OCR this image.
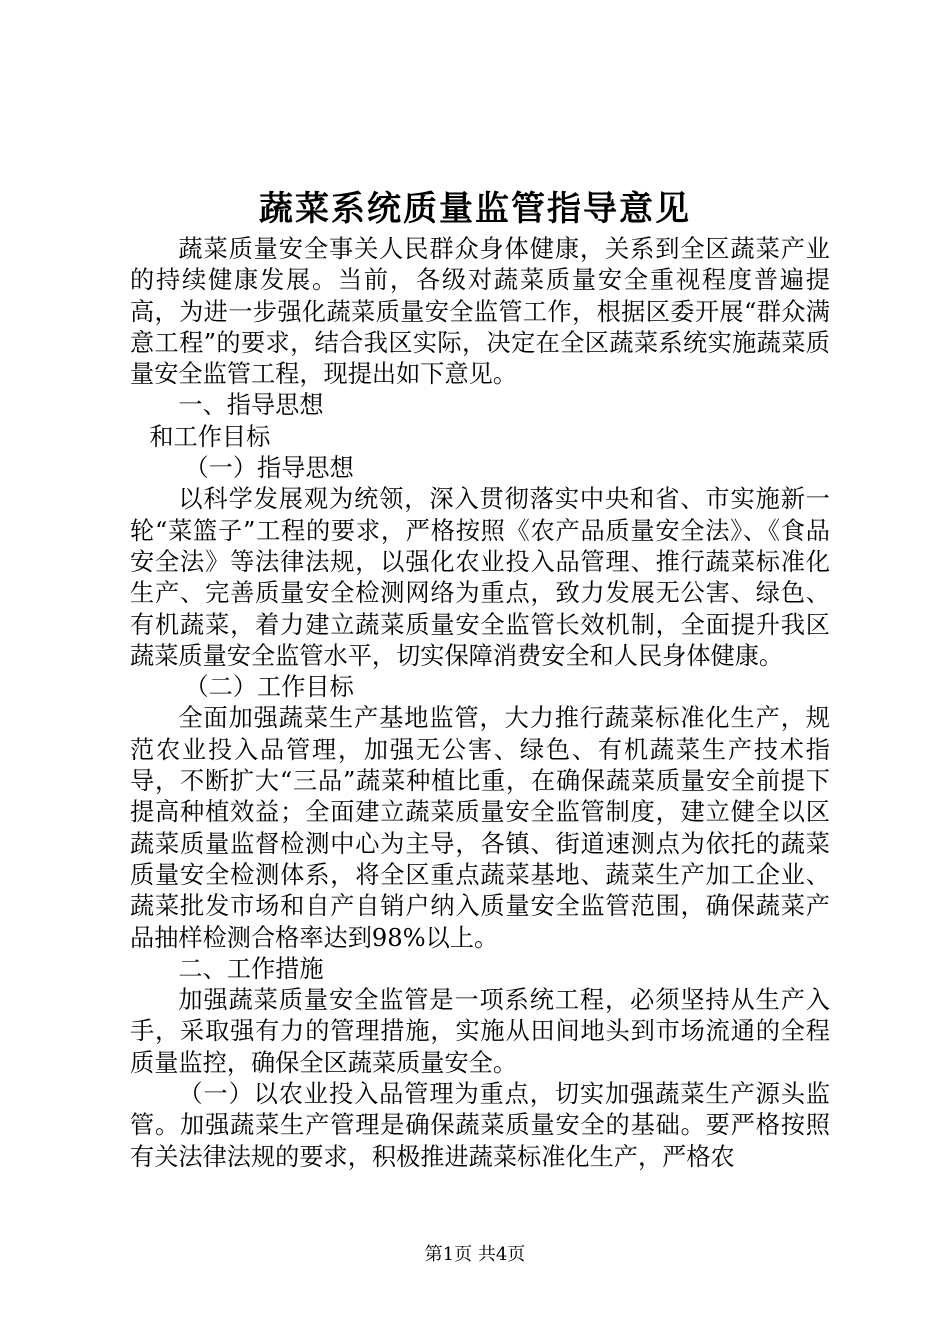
蔬菜系统质量监管指导意见

蔬菜质量安全事关人民群众身体健康，关系到全区蔬菜产业的持续健康发展。当前，各级对蔬菜质量安全重视程度普遍提高，为进一步强化蔬菜质量安全监管工作，根据区委开展“群众满意工程”的要求，结合我区实际，决定在全区蔬菜系统实施蔬菜质量安全监管工程，现提出如下意见。

一、指导思想

和工作目标

（一）指导思想

以科学发展观为统领，深入贯彻落实中央和省、市实施新一轮“菜篮子”工程的要求，严格按照《农产品质量安全法》、《食品安全法》等法律法规，以强化农业投入品管理、推行蔬菜标准化生产、完善质量安全检测网络为重点，致力发展无公害、绿色、有机蔬菜，着力建立蔬菜质量安全监管长效机制，全面提升我区蔬菜质量安全监管水平，切实保障消费安全和人民身体健康。

（二）工作目标

全面加强蔬菜生产基地监管，大力推行蔬菜标准化生产，规范农业投入品管理，加强无公害、绿色、有机蔬菜生产技术指导，不断扩大“三品”蔬菜种植比重，在确保蔬菜质量安全前提下提高种植效益；全面建立蔬菜质量安全监管制度，建立健全以区蔬菜质量监督检测中心为主导，各镇、街道速测点为依托的蔬菜质量安全检测体系，将全区重点蔬菜基地、蔬菜生产加工企业、蔬菜批发市场和自产自销户纳入质量安全监管范围，确保蔬菜产品抽样检测合格率达到98%以上。

二、工作措施

加强蔬菜质量安全监管是一项系统工程，必须坚持从生产入手，采取强有力的管理措施，实施从田间地头到市场流通的全程质量监控，确保全区蔬菜质量安全。

（一）以农业投入品管理为重点，切实加强蔬菜生产源头监管。加强蔬菜生产管理是确保蔬菜质量安全的基础。要严格按照有关法律法规的要求，积极推进蔬菜标准化生产，严格农

第1页 共4页
